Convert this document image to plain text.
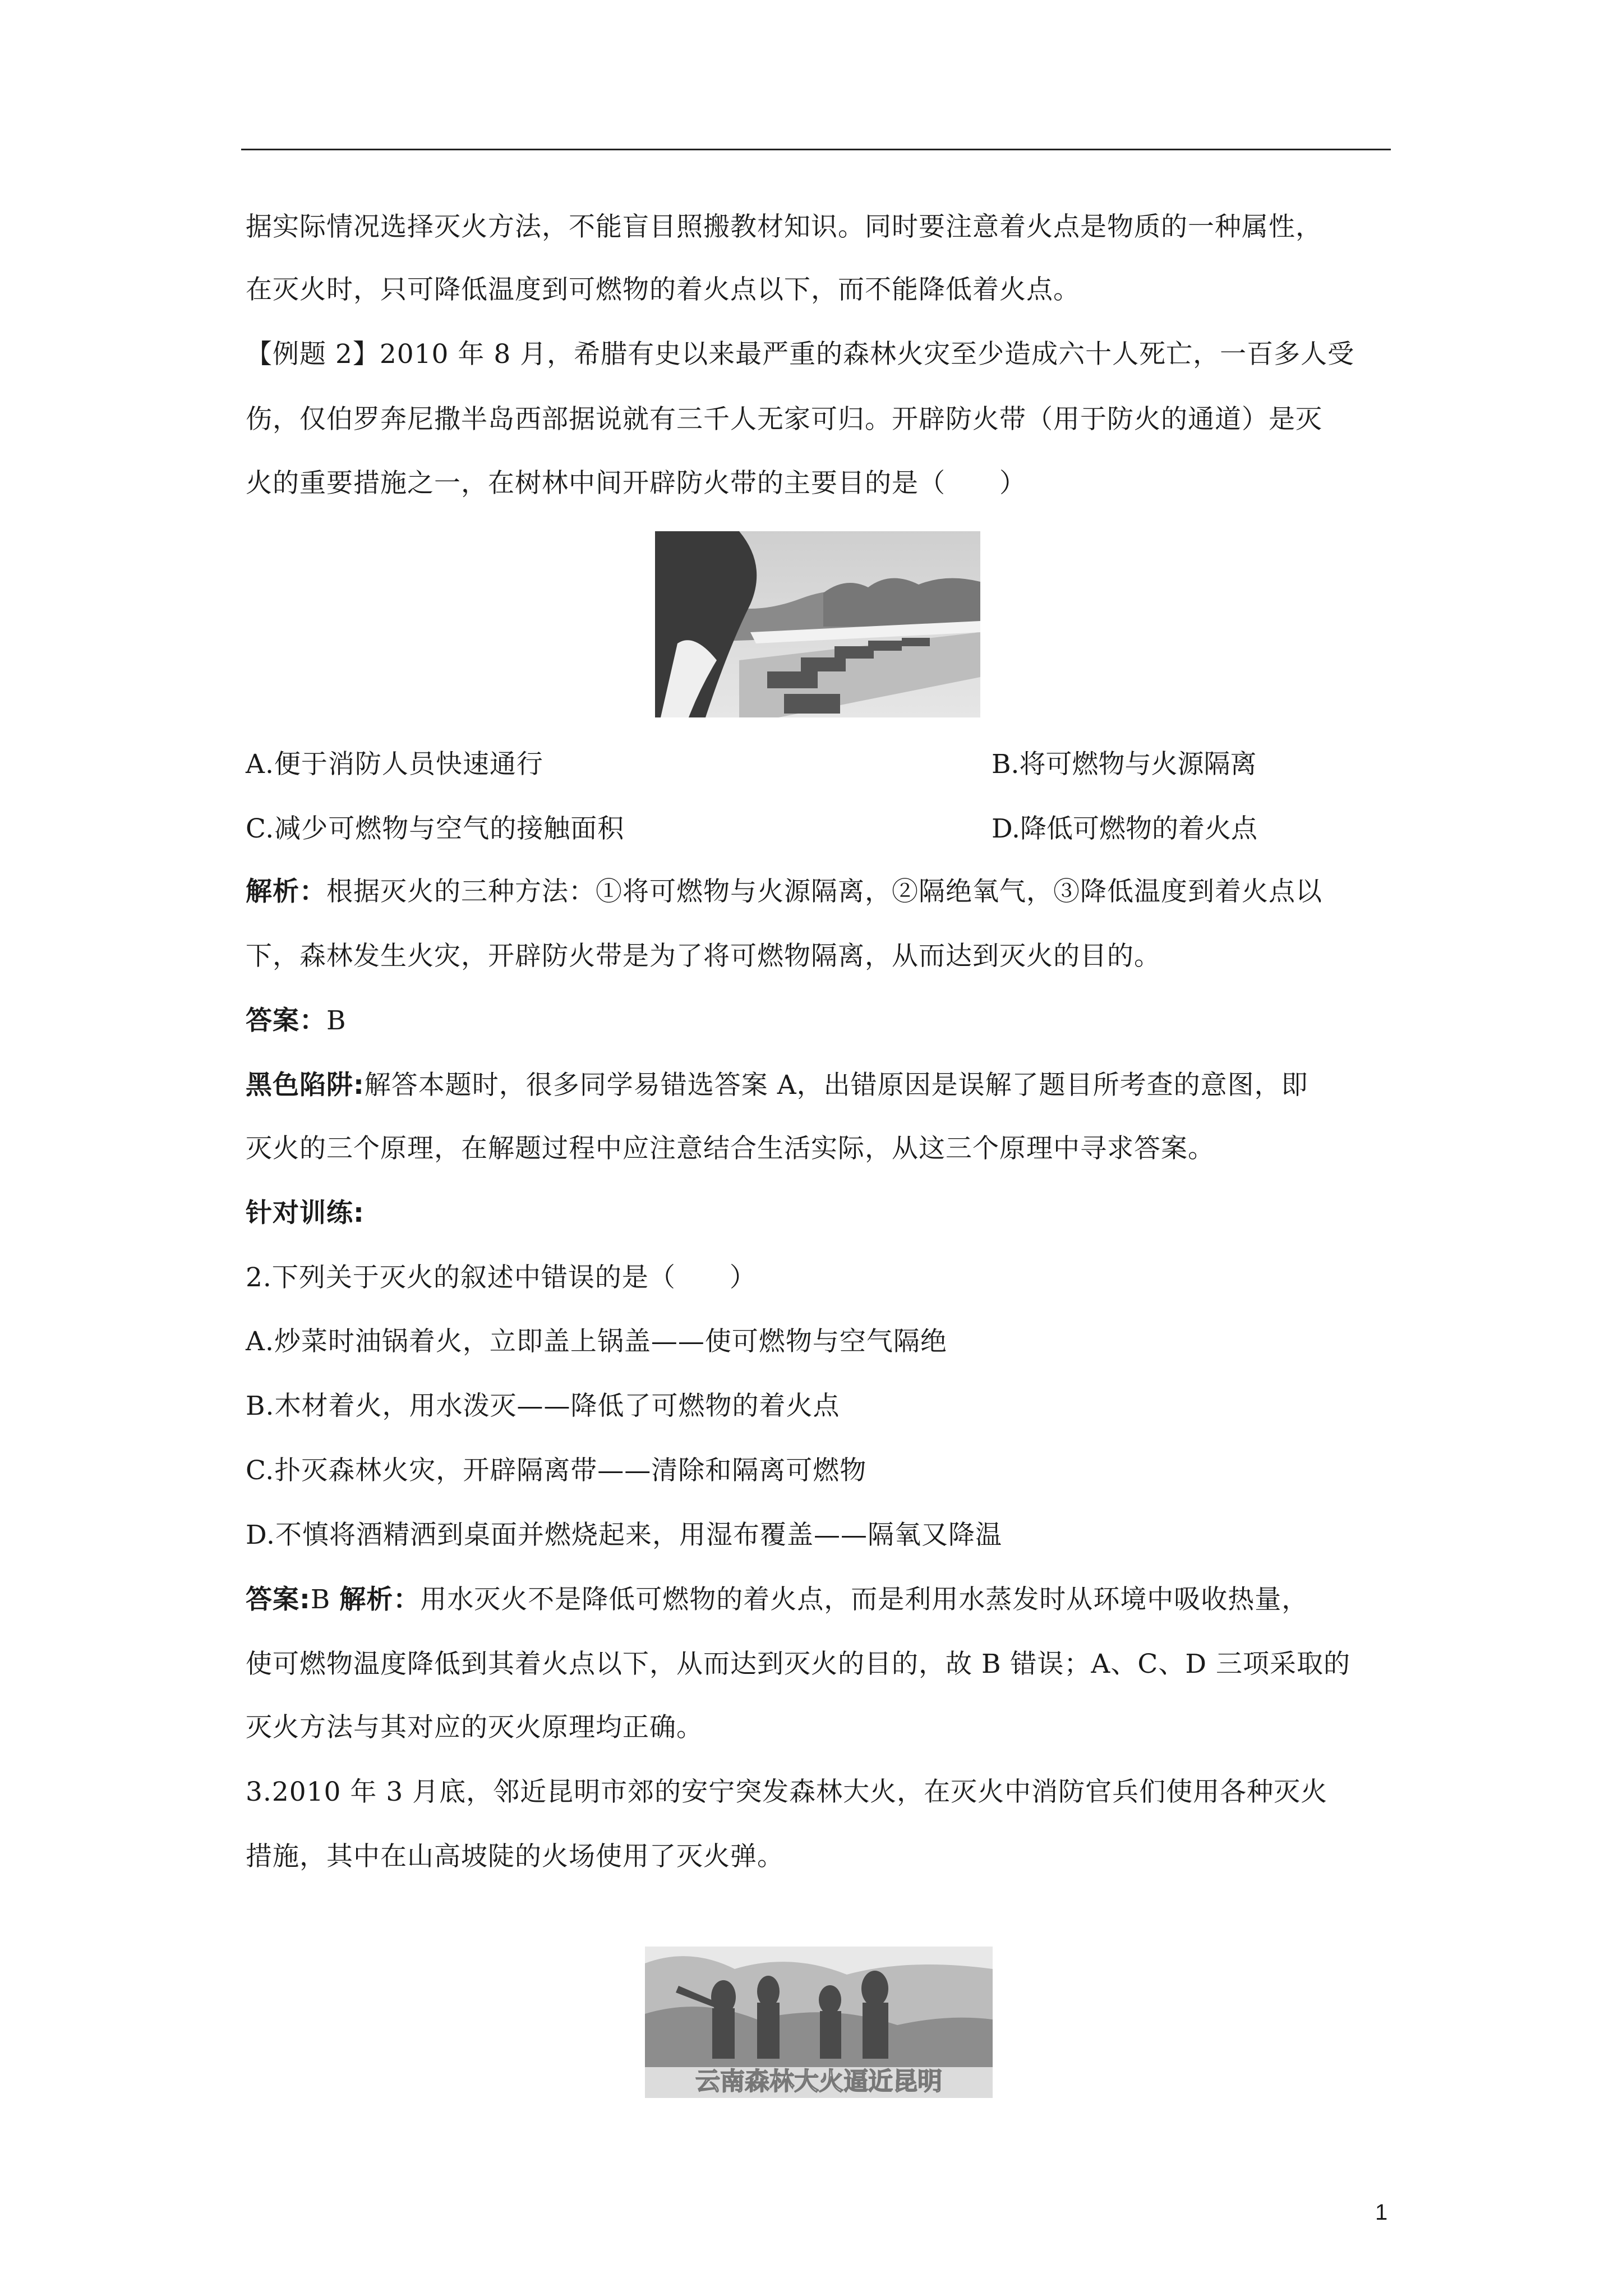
据实际情况选择灭火方法，不能盲目照搬教材知识。同时要注意着火点是物质的一种属性，
在灭火时，只可降低温度到可燃物的着火点以下，而不能降低着火点。
【例题 2】2010 年 8 月，希腊有史以来最严重的森林火灾至少造成六十人死亡，一百多人受
伤，仅伯罗奔尼撒半岛西部据说就有三千人无家可归。开辟防火带（用于防火的通道）是灭
火的重要措施之一，在树林中间开辟防火带的主要目的是（　　）
A.便于消防人员快速通行	B.将可燃物与火源隔离
C.减少可燃物与空气的接触面积	D.降低可燃物的着火点
解析：根据灭火的三种方法：①将可燃物与火源隔离，②隔绝氧气，③降低温度到着火点以
下，森林发生火灾，开辟防火带是为了将可燃物隔离，从而达到灭火的目的。
答案：B
黑色陷阱:解答本题时，很多同学易错选答案 A，出错原因是误解了题目所考查的意图，即
灭火的三个原理，在解题过程中应注意结合生活实际，从这三个原理中寻求答案。
针对训练:
2.下列关于灭火的叙述中错误的是（　　）
A.炒菜时油锅着火，立即盖上锅盖——使可燃物与空气隔绝
B.木材着火，用水泼灭——降低了可燃物的着火点
C.扑灭森林火灾，开辟隔离带——清除和隔离可燃物
D.不慎将酒精洒到桌面并燃烧起来，用湿布覆盖——隔氧又降温
答案:B 解析：用水灭火不是降低可燃物的着火点，而是利用水蒸发时从环境中吸收热量，
使可燃物温度降低到其着火点以下，从而达到灭火的目的，故 B 错误；A、C、D 三项采取的
灭火方法与其对应的灭火原理均正确。
3.2010 年 3 月底，邻近昆明市郊的安宁突发森林大火，在灭火中消防官兵们使用各种灭火
措施，其中在山高坡陡的火场使用了灭火弹。
云南森林大火逼近昆明
1
